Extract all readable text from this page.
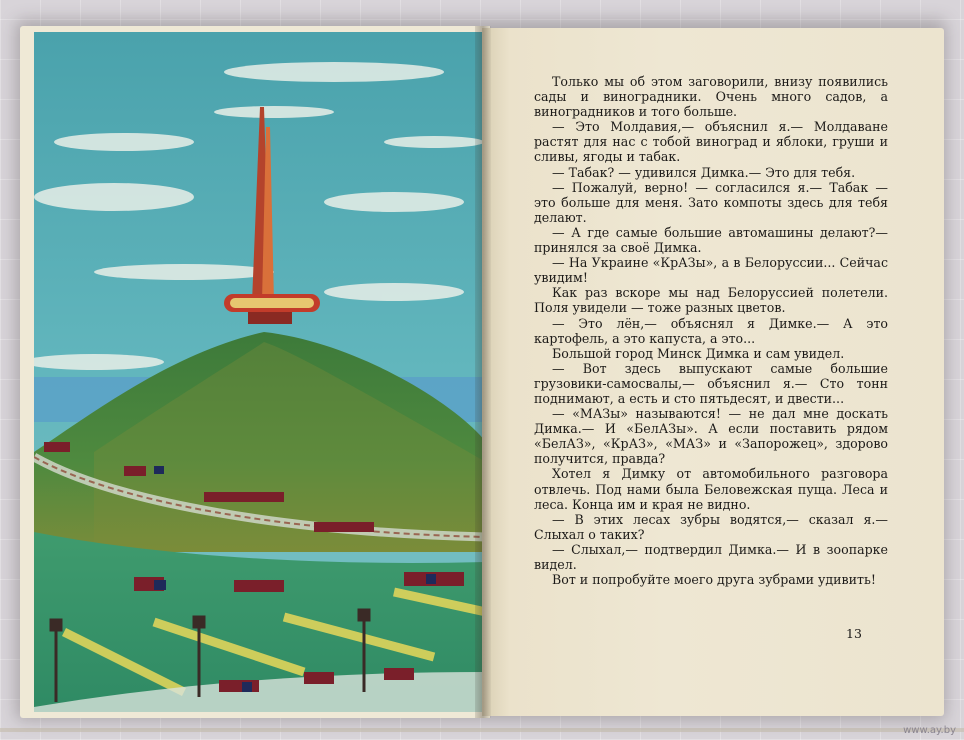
Только мы об этом заговорили, внизу появились сады и виноградники. Очень много садов, а виноградников и того больше.

— Это Молдавия,— объяснил я.— Молдаване растят для нас с тобой виноград и яблоки, груши и сливы, ягоды и табак.

— Табак? — удивился Димка.— Это для тебя.

— Пожалуй, верно! — согласился я.— Табак — это больше для меня. Зато компоты здесь для тебя делают.

— А где самые большие автомашины делают?— принялся за своё Димка.

— На Украине «КрАЗы», а в Белоруссии... Сейчас увидим!

Как раз вскоре мы над Белоруссией полетели. Поля увидели — тоже разных цветов.

— Это лён,— объяснял я Димке.— А это картофель, а это капуста, а это...

Большой город Минск Димка и сам увидел.

— Вот здесь выпускают самые большие грузовики-самосвалы,— объяснил я.— Сто тонн поднимают, а есть и сто пятьдесят, и двести...

— «МАЗы» называются! — не дал мне доскать Димка.— И «БелАЗы». А если поставить рядом «БелАЗ», «КрАЗ», «МАЗ» и «Запорожец», здорово получится, правда?

Хотел я Димку от автомобильного разговора отвлечь. Под нами была Беловежская пуща. Леса и леса. Конца им и края не видно.

— В этих лесах зубры водятся,— сказал я.— Слыхал о таких?

— Слыхал,— подтвердил Димка.— И в зоопарке видел.

Вот и попробуйте моего друга зубрами удивить!

13
www.ay.by
